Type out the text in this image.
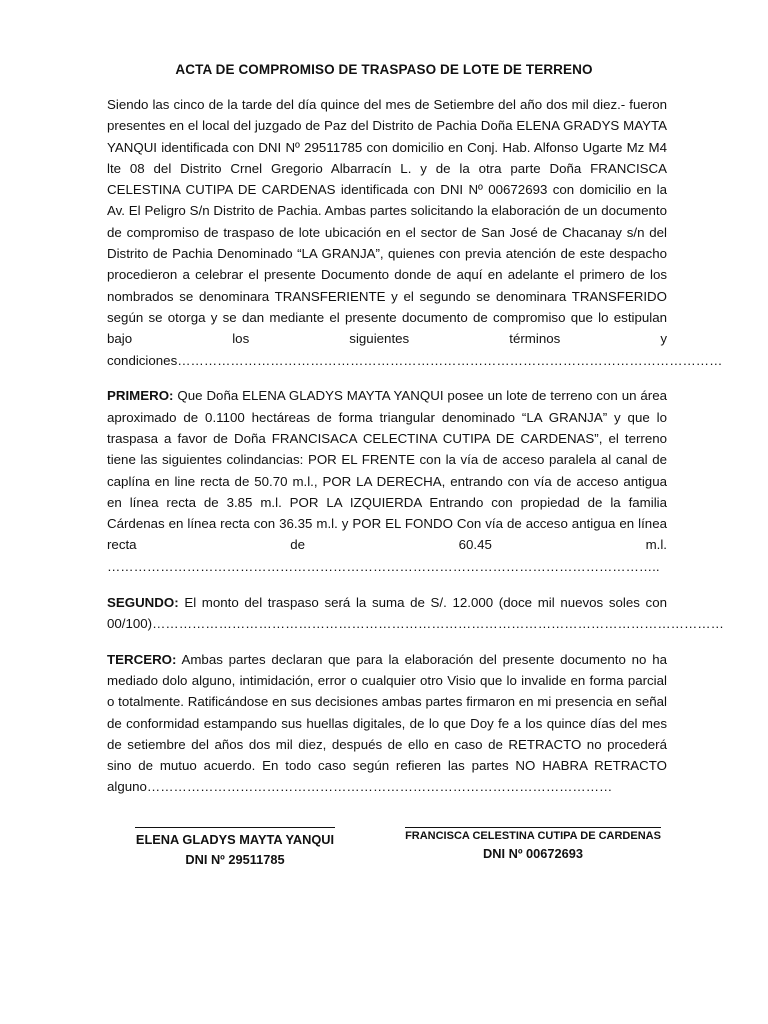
ACTA DE COMPROMISO DE TRASPASO DE LOTE DE TERRENO

Siendo las cinco de la tarde del día quince del mes de Setiembre del año dos mil diez.- fueron presentes en el local del juzgado de Paz del Distrito de Pachia Doña ELENA GRADYS MAYTA YANQUI identificada con DNI Nº 29511785 con domicilio en Conj. Hab. Alfonso Ugarte Mz M4 lte 08 del Distrito Crnel Gregorio Albarracín L. y de la otra parte Doña FRANCISCA CELESTINA CUTIPA DE CARDENAS identificada con DNI Nº 00672693 con domicilio en la Av. El Peligro S/n Distrito de Pachia. Ambas partes solicitando la elaboración de un documento de compromiso de traspaso de lote ubicación en el sector de San José de Chacanay s/n del Distrito de Pachia Denominado “LA GRANJA”, quienes con previa atención de este despacho procedieron a celebrar el presente Documento donde de aquí en adelante el primero de los nombrados se denominara TRANSFERIENTE y el segundo se denominara TRANSFERIDO según se otorga y se dan mediante el presente documento de compromiso que lo estipulan bajo los siguientes términos y condiciones……………………………………………………………………………………………………………

PRIMERO: Que Doña ELENA GLADYS MAYTA YANQUI posee un lote de terreno con un área aproximado de 0.1100 hectáreas de forma triangular denominado “LA GRANJA” y que lo traspasa a favor de Doña FRANCISACA CELECTINA CUTIPA DE CARDENAS”, el terreno tiene las siguientes colindancias: POR EL FRENTE con la vía de acceso paralela al canal de caplína en line recta de 50.70 m.l., POR LA DERECHA, entrando con vía de acceso antigua en línea recta de 3.85 m.l. POR LA IZQUIERDA Entrando con propiedad de la familia Cárdenas en línea recta con 36.35 m.l. y POR EL FONDO Con vía de acceso antigua en línea recta de 60.45 m.l. ……………………………………………………………………………………………………………..

SEGUNDO: El monto del traspaso será la suma de S/. 12.000 (doce mil nuevos soles con 00/100)…………………………………………………………………………………………………………………

TERCERO: Ambas partes declaran que para la elaboración del presente documento no ha mediado dolo alguno, intimidación, error o cualquier otro Visio que lo invalide en forma parcial o totalmente. Ratificándose en sus decisiones ambas partes firmaron en mi presencia en señal de conformidad estampando sus huellas digitales, de lo que Doy fe a los quince días del mes de setiembre del años dos mil diez, después de ello en caso de RETRACTO no procederá sino de mutuo acuerdo. En todo caso según refieren las partes NO HABRA RETRACTO alguno……………………………………………………………………………………………

ELENA GLADYS MAYTA YANQUI
DNI Nº 29511785
FRANCISCA CELESTINA CUTIPA DE CARDENAS
DNI Nº 00672693
